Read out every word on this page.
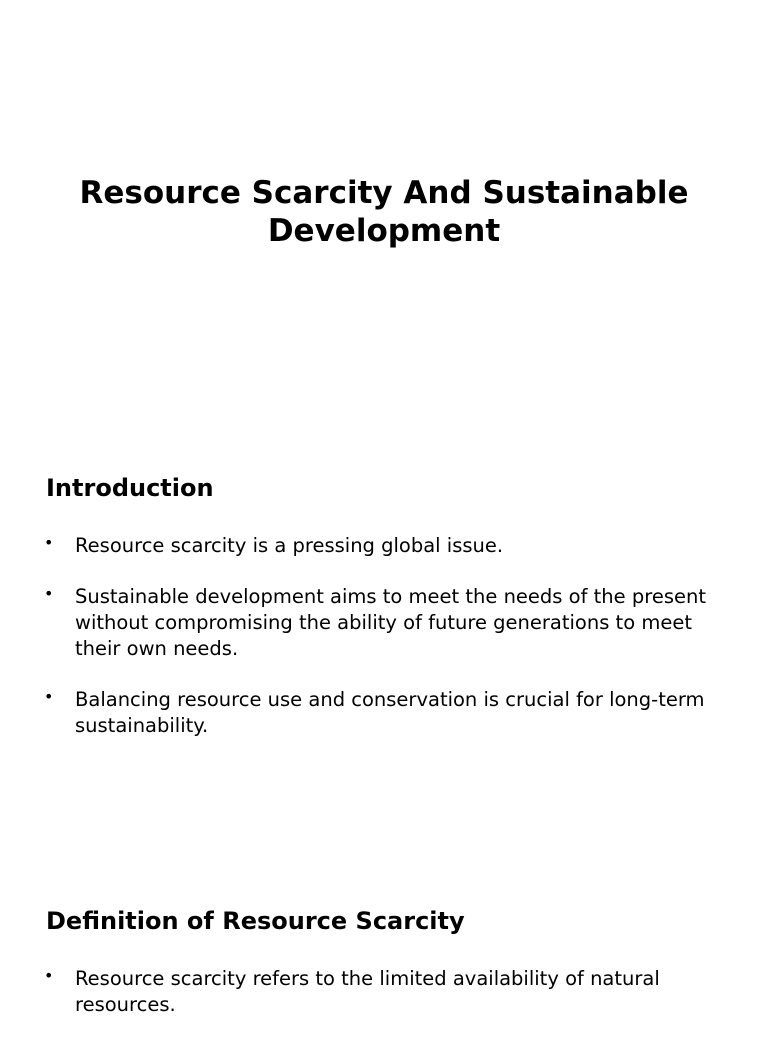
Resource Scarcity And Sustainable Development
Introduction
• Resource scarcity is a pressing global issue.
• Sustainable development aims to meet the needs of the present without compromising the ability of future generations to meet their own needs.
• Balancing resource use and conservation is crucial for long-term sustainability.
Definition of Resource Scarcity
• Resource scarcity refers to the limited availability of natural resources.
